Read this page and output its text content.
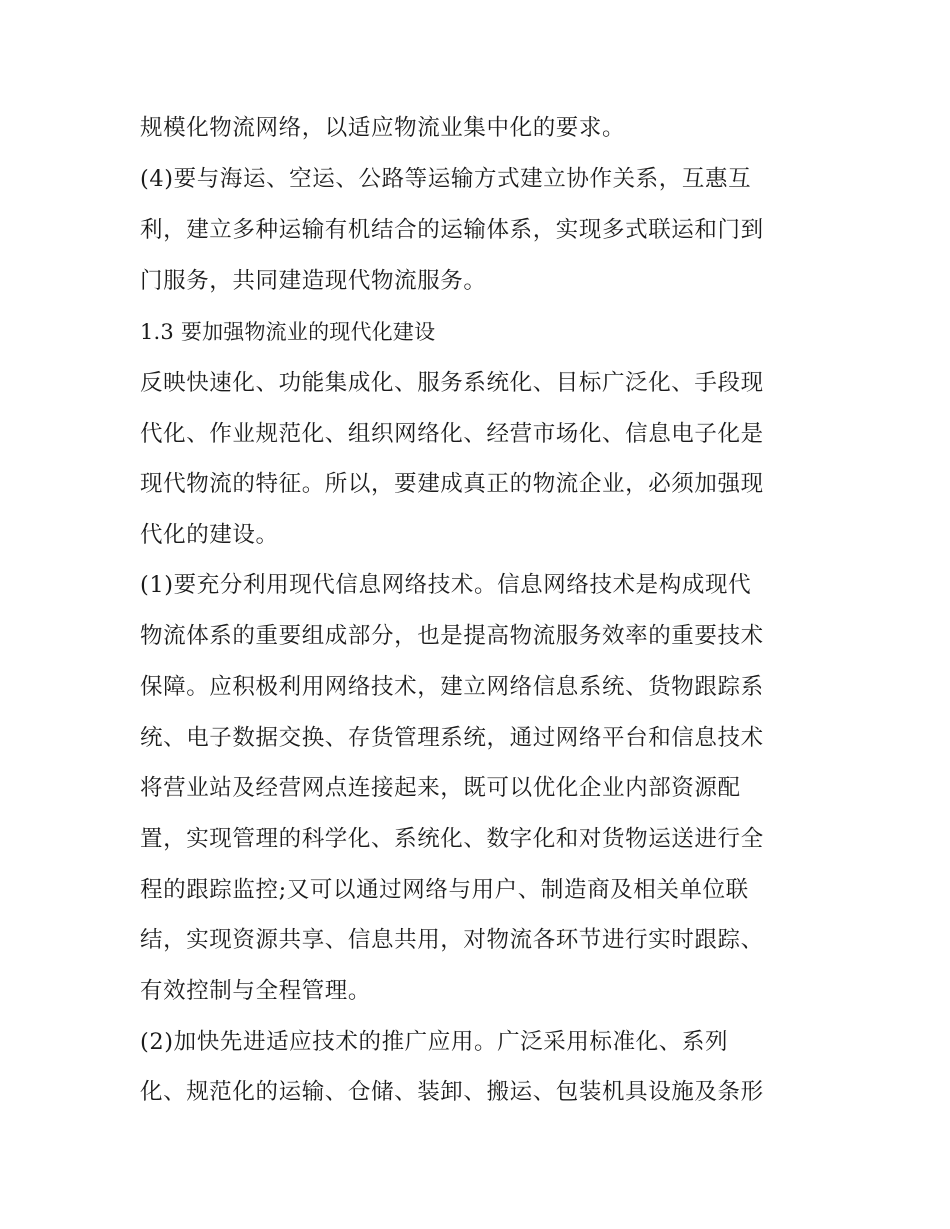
规模化物流网络，以适应物流业集中化的要求。

(4)要与海运、空运、公路等运输方式建立协作关系，互惠互

利，建立多种运输有机结合的运输体系，实现多式联运和门到

门服务，共同建造现代物流服务。

1.3 要加强物流业的现代化建设

反映快速化、功能集成化、服务系统化、目标广泛化、手段现

代化、作业规范化、组织网络化、经营市场化、信息电子化是

现代物流的特征。所以，要建成真正的物流企业，必须加强现

代化的建设。

(1)要充分利用现代信息网络技术。信息网络技术是构成现代

物流体系的重要组成部分，也是提高物流服务效率的重要技术

保障。应积极利用网络技术，建立网络信息系统、货物跟踪系

统、电子数据交换、存货管理系统，通过网络平台和信息技术

将营业站及经营网点连接起来，既可以优化企业内部资源配

置，实现管理的科学化、系统化、数字化和对货物运送进行全

程的跟踪监控;又可以通过网络与用户、制造商及相关单位联

结，实现资源共享、信息共用，对物流各环节进行实时跟踪、

有效控制与全程管理。

(2)加快先进适应技术的推广应用。广泛采用标准化、系列

化、规范化的运输、仓储、装卸、搬运、包装机具设施及条形
